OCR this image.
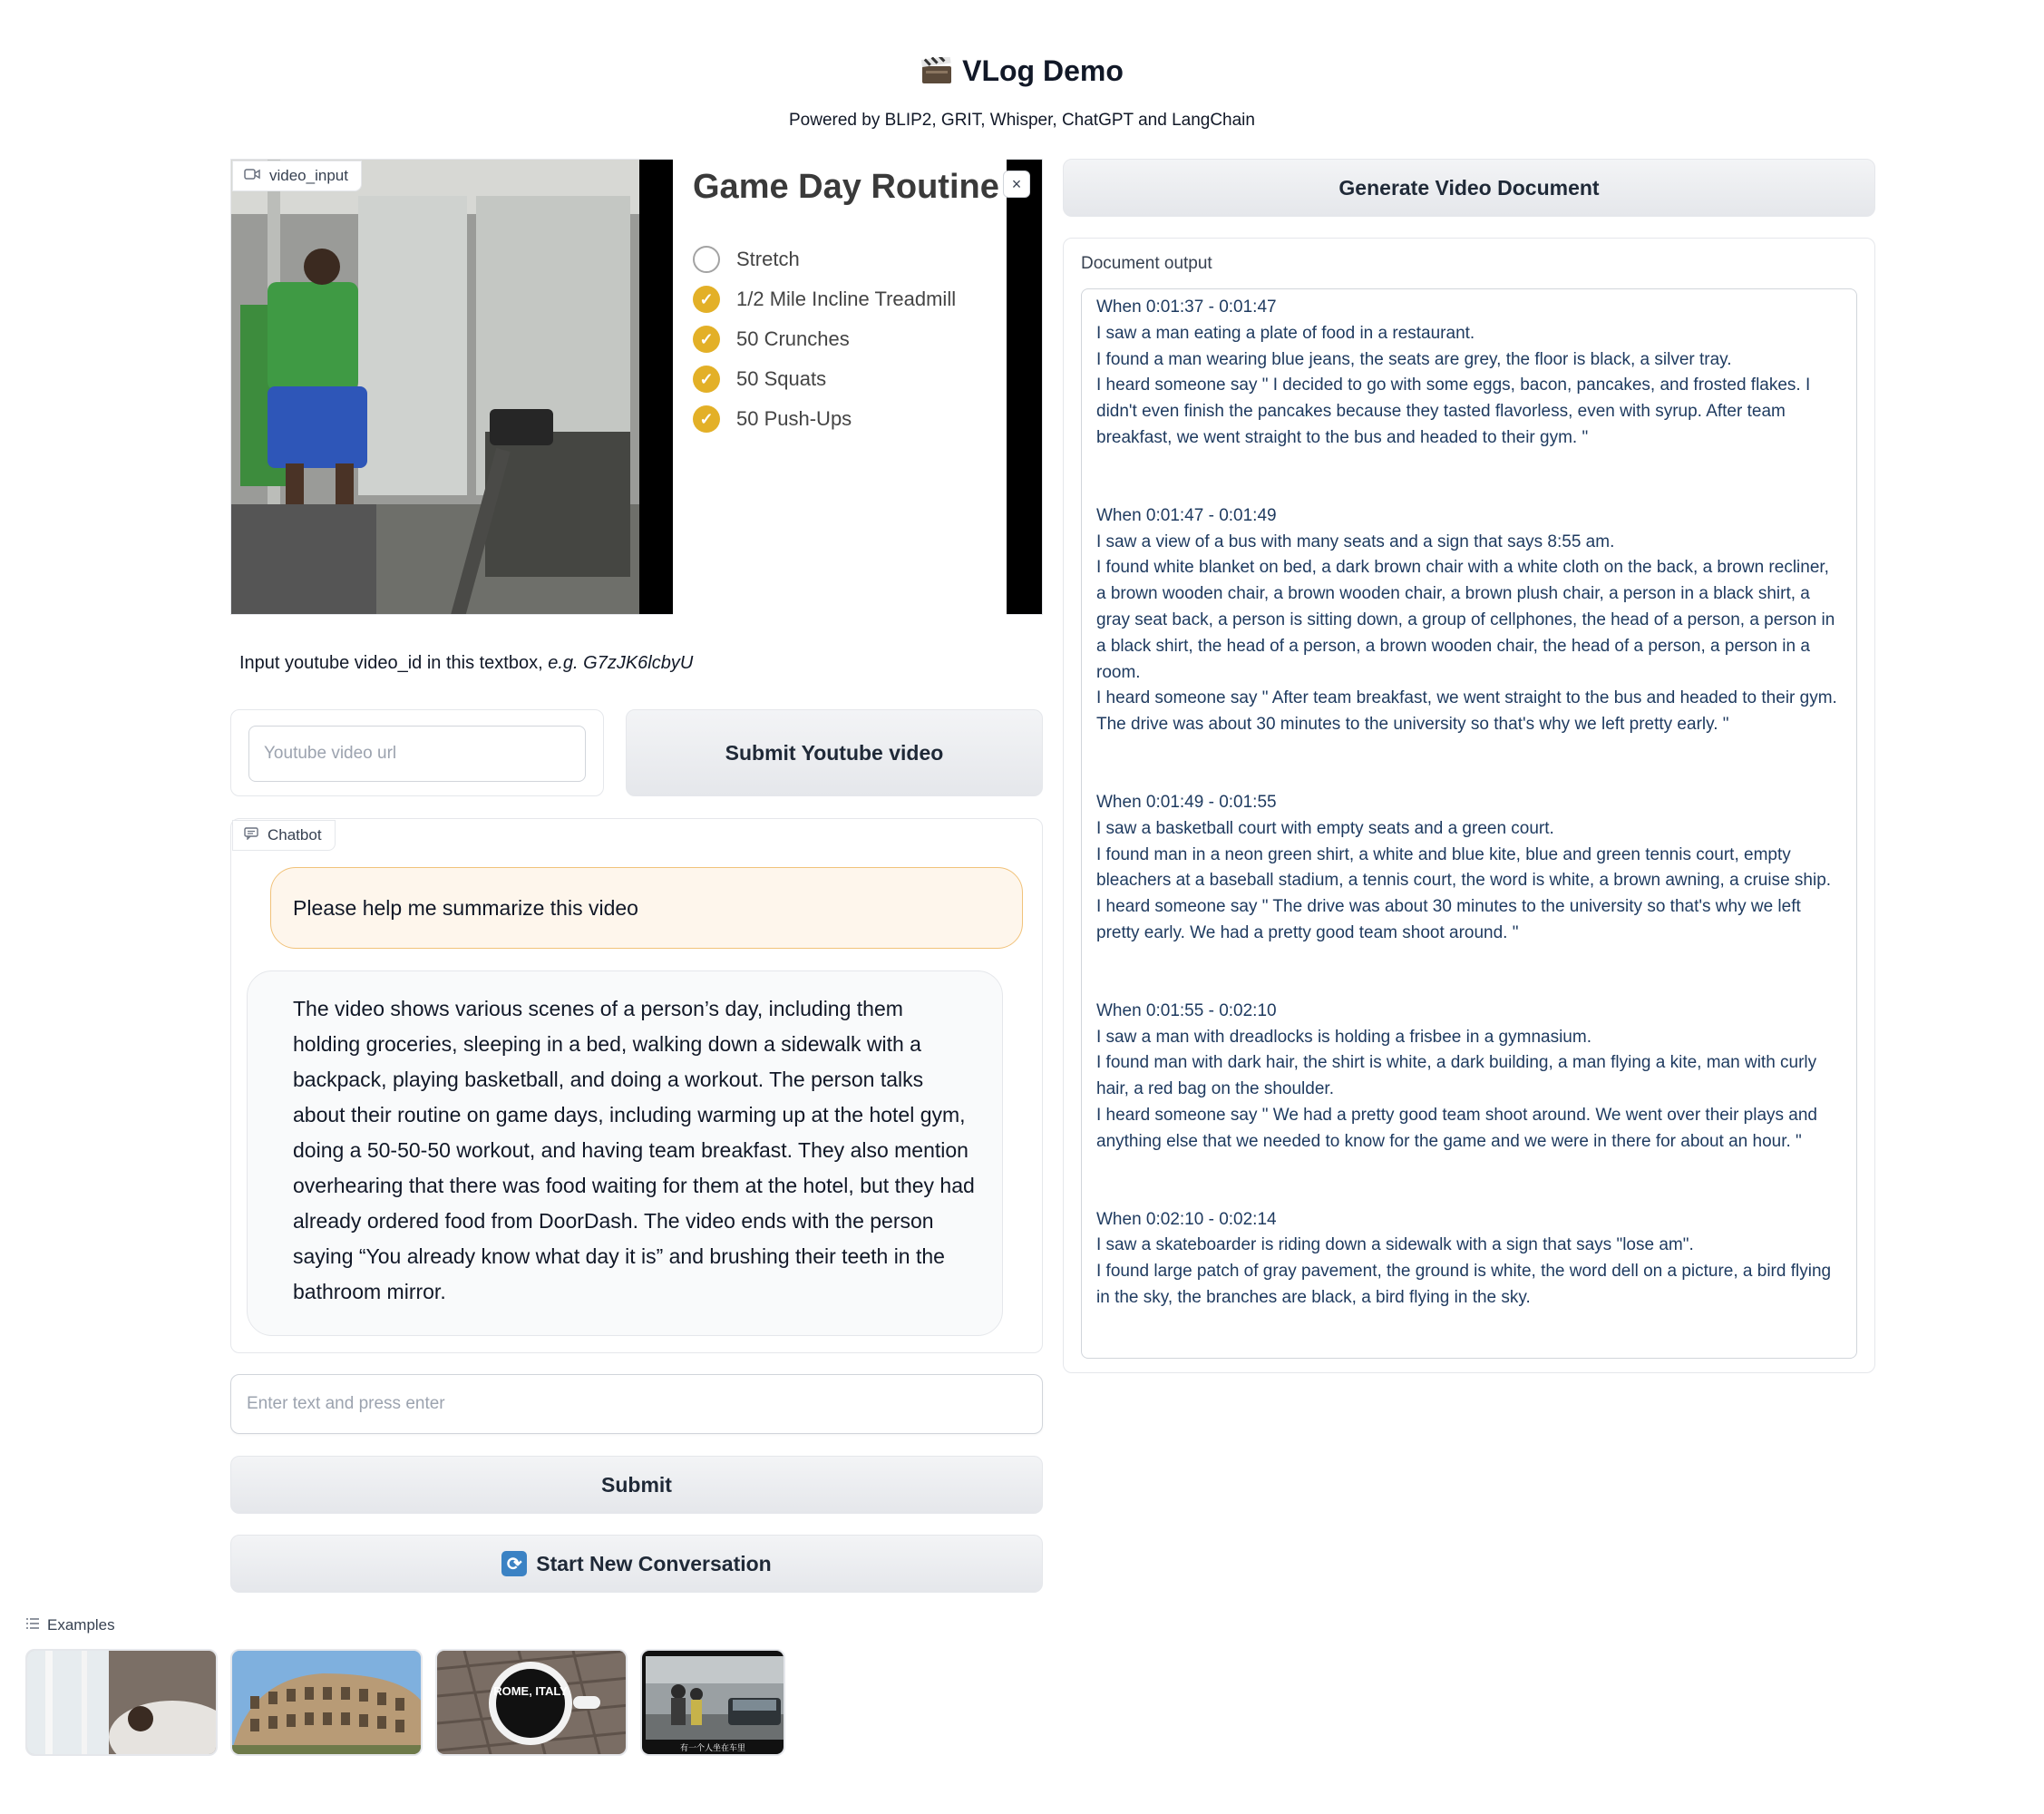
VLog Demo
Powered by BLIP2, GRIT, Whisper, ChatGPT and LangChain
Game Day Routine
Stretch
✓	1/2 Mile Incline Treadmill
✓	50 Crunches
✓	50 Squats
✓	50 Push-Ups
video_input	×
Input youtube video_id in this textbox, e.g. G7zJK6lcbyU
Youtube video url	Submit Youtube video
Chatbot
Please help me summarize this video
The video shows various scenes of a person’s day, including them holding groceries, sleeping in a bed, walking down a sidewalk with a backpack, playing basketball, and doing a workout. The person talks about their routine on game days, including warming up at the hotel gym, doing a 50-50-50 workout, and having team breakfast. They also mention overhearing that there was food waiting for them at the hotel, but they had already ordered food from DoorDash. The video ends with the person saying “You already know what day it is” and brushing their teeth in the bathroom mirror.
Enter text and press enter
Submit
⟳ Start New Conversation
Examples
ROME, ITALY
有一个人坐在车里
Generate Video Document
Document output
When 0:01:37 - 0:01:47
I saw a man eating a plate of food in a restaurant.
I found a man wearing blue jeans, the seats are grey, the floor is black, a silver tray.
I heard someone say " I decided to go with some eggs, bacon, pancakes, and frosted flakes. I didn't even finish the pancakes because they tasted flavorless, even with syrup. After team breakfast, we went straight to the bus and headed to their gym. "
When 0:01:47 - 0:01:49
I saw a view of a bus with many seats and a sign that says 8:55 am.
I found white blanket on bed, a dark brown chair with a white cloth on the back, a brown recliner, a brown wooden chair, a brown wooden chair, a brown plush chair, a person in a black shirt, a gray seat back, a person is sitting down, a group of cellphones, the head of a person, a person in a black shirt, the head of a person, a brown wooden chair, the head of a person, a person in a room.
I heard someone say " After team breakfast, we went straight to the bus and headed to their gym. The drive was about 30 minutes to the university so that's why we left pretty early. "
When 0:01:49 - 0:01:55
I saw a basketball court with empty seats and a green court.
I found man in a neon green shirt, a white and blue kite, blue and green tennis court, empty bleachers at a baseball stadium, a tennis court, the word is white, a brown awning, a cruise ship.
I heard someone say " The drive was about 30 minutes to the university so that's why we left pretty early. We had a pretty good team shoot around. "
When 0:01:55 - 0:02:10
I saw a man with dreadlocks is holding a frisbee in a gymnasium.
I found man with dark hair, the shirt is white, a dark building, a man flying a kite, man with curly hair, a red bag on the shoulder.
I heard someone say " We had a pretty good team shoot around. We went over their plays and anything else that we needed to know for the game and we were in there for about an hour. "
When 0:02:10 - 0:02:14
I saw a skateboarder is riding down a sidewalk with a sign that says "lose am".
I found large patch of gray pavement, the ground is white, the word dell on a picture, a bird flying in the sky, the branches are black, a bird flying in the sky.
